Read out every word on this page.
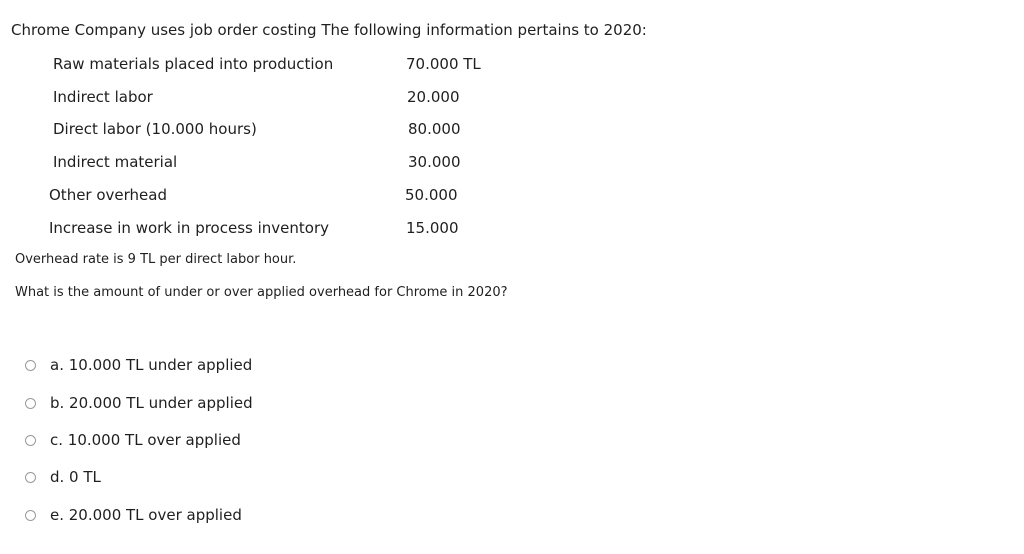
Chrome Company uses job order costing The following information pertains to 2020:

Raw materials placed into production	70.000 TL
Indirect labor	20.000
Direct labor (10.000 hours)	80.000
Indirect material	30.000
Other overhead	50.000
Increase in work in process inventory	15.000

Overhead rate is 9 TL per direct labor hour.

What is the amount of under or over applied overhead for Chrome in 2020?

a. 10.000 TL under applied
b. 20.000 TL under applied
c. 10.000 TL over applied
d. 0 TL
e. 20.000 TL over applied
